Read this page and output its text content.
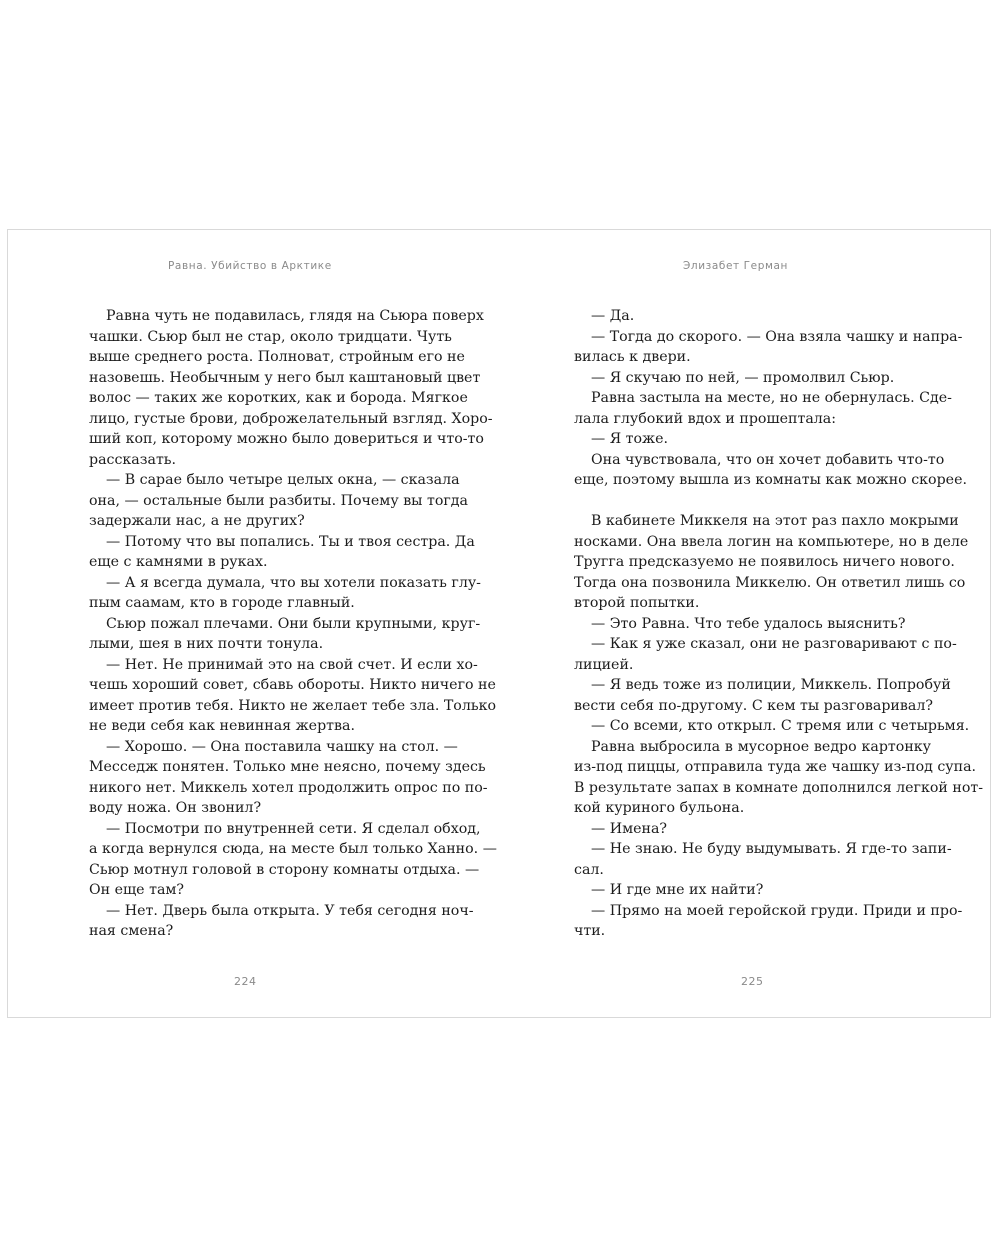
Равна. Убийство в Арктике
Равна чуть не подавилась, глядя на Сьюра поверх
чашки. Сьюр был не стар, около тридцати. Чуть
выше среднего роста. Полноват, стройным его не
назовешь. Необычным у него был каштановый цвет
волос — таких же коротких, как и борода. Мягкое
лицо, густые брови, доброжелательный взгляд. Хоро-
ший коп, которому можно было довериться и что-то
рассказать.
— В сарае было четыре целых окна, — сказала
она, — остальные были разбиты. Почему вы тогда
задержали нас, а не других?
— Потому что вы попались. Ты и твоя сестра. Да
еще с камнями в руках.
— А я всегда думала, что вы хотели показать глу-
пым саамам, кто в городе главный.
Сьюр пожал плечами. Они были крупными, круг-
лыми, шея в них почти тонула.
— Нет. Не принимай это на свой счет. И если хо-
чешь хороший совет, сбавь обороты. Никто ничего не
имеет против тебя. Никто не желает тебе зла. Только
не веди себя как невинная жертва.
— Хорошо. — Она поставила чашку на стол. —
Месседж понятен. Только мне неясно, почему здесь
никого нет. Миккель хотел продолжить опрос по по-
воду ножа. Он звонил?
— Посмотри по внутренней сети. Я сделал обход,
а когда вернулся сюда, на месте был только Ханно. —
Сьюр мотнул головой в сторону комнаты отдыха. —
Он еще там?
— Нет. Дверь была открыта. У тебя сегодня ноч-
ная смена?
224
Элизабет Герман
— Да.
— Тогда до скорого. — Она взяла чашку и напра-
вилась к двери.
— Я скучаю по ней, — промолвил Сьюр.
Равна застыла на месте, но не обернулась. Сде-
лала глубокий вдох и прошептала:
— Я тоже.
Она чувствовала, что он хочет добавить что-то
еще, поэтому вышла из комнаты как можно скорее.
В кабинете Миккеля на этот раз пахло мокрыми
носками. Она ввела логин на компьютере, но в деле
Тругга предсказуемо не появилось ничего нового.
Тогда она позвонила Миккелю. Он ответил лишь со
второй попытки.
— Это Равна. Что тебе удалось выяснить?
— Как я уже сказал, они не разговаривают с по-
лицией.
— Я ведь тоже из полиции, Миккель. Попробуй
вести себя по-другому. С кем ты разговаривал?
— Со всеми, кто открыл. С тремя или с четырьмя.
Равна выбросила в мусорное ведро картонку
из-под пиццы, отправила туда же чашку из-под супа.
В результате запах в комнате дополнился легкой нот-
кой куриного бульона.
— Имена?
— Не знаю. Не буду выдумывать. Я где-то запи-
сал.
— И где мне их найти?
— Прямо на моей геройской груди. Приди и про-
чти.
225
